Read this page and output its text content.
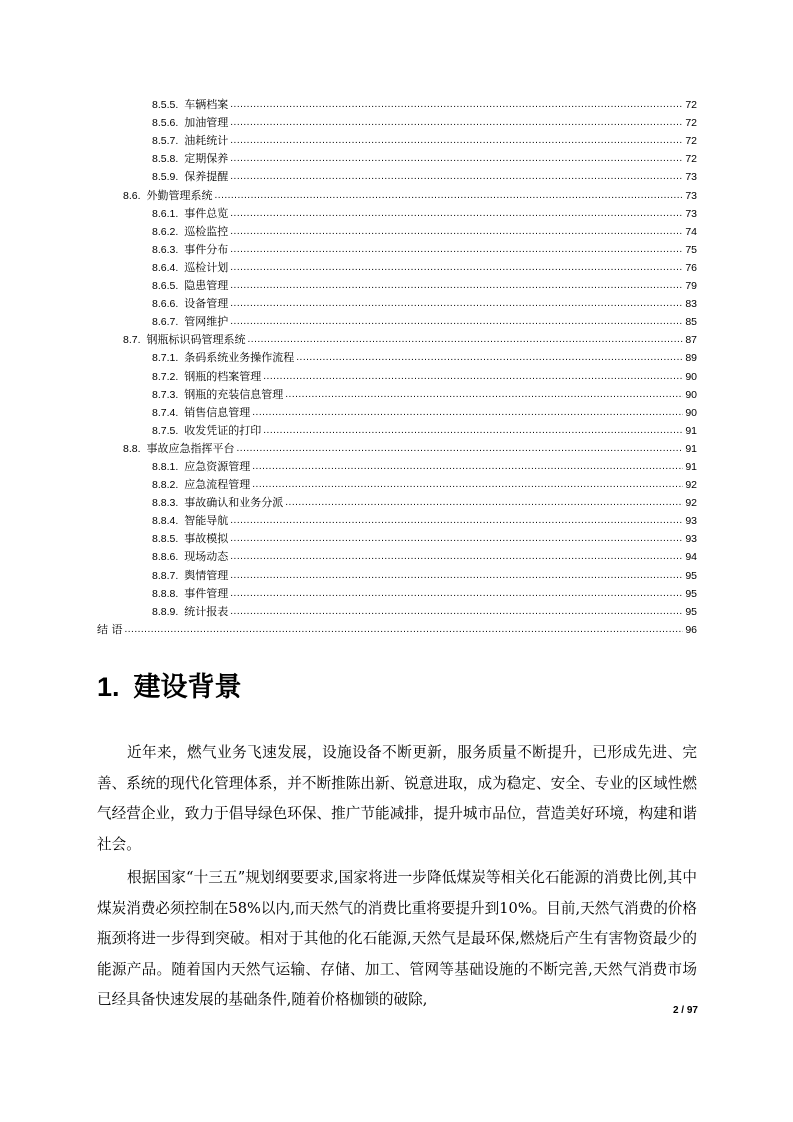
8.5.5. 车辆档案 .....	72
8.5.6. 加油管理 .....	72
8.5.7. 油耗统计 .....	72
8.5.8. 定期保养 .....	72
8.5.9. 保养提醒 .....	73
8.6. 外勤管理系统 .....	73
8.6.1. 事件总览 .....	73
8.6.2. 巡检监控 .....	74
8.6.3. 事件分布 .....	75
8.6.4. 巡检计划 .....	76
8.6.5. 隐患管理 .....	79
8.6.6. 设备管理 .....	83
8.6.7. 管网维护 .....	85
8.7. 钢瓶标识码管理系统 .....	87
8.7.1. 条码系统业务操作流程 .....	89
8.7.2. 钢瓶的档案管理 .....	90
8.7.3. 钢瓶的充装信息管理 .....	90
8.7.4. 销售信息管理 .....	90
8.7.5. 收发凭证的打印 .....	91
8.8. 事故应急指挥平台 .....	91
8.8.1. 应急资源管理 .....	91
8.8.2. 应急流程管理 .....	92
8.8.3. 事故确认和业务分派 .....	92
8.8.4. 智能导航 .....	93
8.8.5. 事故模拟 .....	93
8.8.6. 现场动态 .....	94
8.8.7. 舆情管理 .....	95
8.8.8. 事件管理 .....	95
8.8.9. 统计报表 .....	95
结 语 .....	96
1. 建设背景

近年来，燃气业务飞速发展，设施设备不断更新，服务质量不断提升，已形成先进、完善、系统的现代化管理体系，并不断推陈出新、锐意进取，成为稳定、安全、专业的区域性燃气经营企业，致力于倡导绿色环保、推广节能减排，提升城市品位，营造美好环境，构建和谐社会。

根据国家“十三五”规划纲要要求,国家将进一步降低煤炭等相关化石能源的消费比例,其中煤炭消费必须控制在58%以内,而天然气的消费比重将要提升到10%。目前,天然气消费的价格瓶颈将进一步得到突破。相对于其他的化石能源,天然气是最环保,燃烧后产生有害物资最少的能源产品。随着国内天然气运输、存储、加工、管网等基础设施的不断完善,天然气消费市场已经具备快速发展的基础条件,随着价格枷锁的破除,

2 / 97
